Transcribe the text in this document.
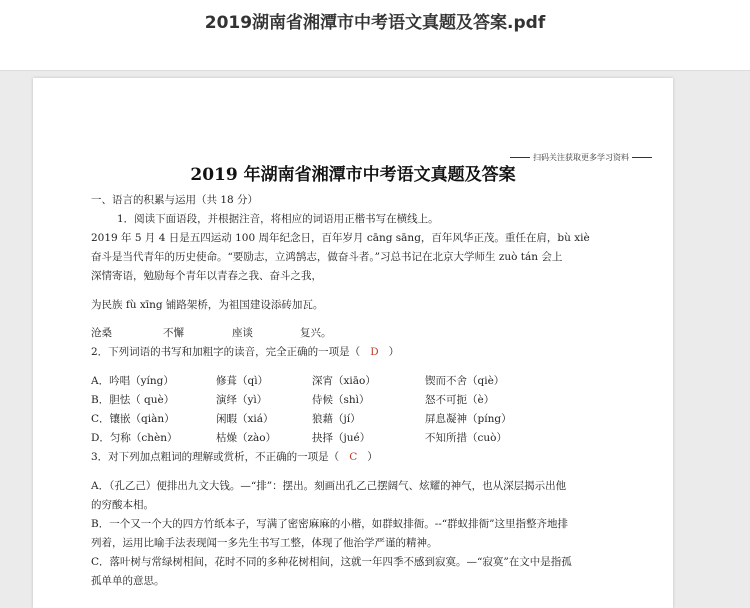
2019湖南省湘潭市中考语文真题及答案.pdf
扫码关注获取更多学习资料
2019 年湖南省湘潭市中考语文真题及答案
一、语言的积累与运用（共 18 分）
1．阅读下面语段，并根据注音，将相应的词语用正楷书写在横线上。
2019 年 5 月 4 日是五四运动 100 周年纪念日，百年岁月 cāng sāng，百年风华正茂。重任在肩，bù xiè
奋斗是当代青年的历史使命。“要励志，立鸿鹄志，做奋斗者。”习总书记在北京大学师生 zuò tán 会上
深情寄语，勉励每个青年以青春之我、奋斗之我，
为民族 fù xīng 铺路架桥，为祖国建设添砖加瓦。
沧桑	不懈	座谈	复兴。
2．下列词语的书写和加粗字的读音，完全正确的一项是（ D ）
A．吟唱（yíng）	修葺（qì）	深宵（xiāo）	锲而不舍（qiè）
B．胆怯（ què）	演绎（yì）	侍候（shì）	怒不可扼（è）
C．镶嵌（qiàn）	闲暇（xiá）	狼藉（jí）	屏息凝神（píng）
D．匀称（chèn）	枯燥（zào）	抉择（jué）	不知所措（cuò）
3．对下列加点粗词的理解或赏析，不正确的一项是（ C ）
A．（孔乙己）便排出九文大钱。—“排”：摆出。刻画出孔乙己摆阔气、炫耀的神气，也从深层揭示出他
的穷酸本相。
B．一个又一个大的四方竹纸本子，写满了密密麻麻的小楷，如群蚁排衙。--“群蚁排衙”这里指整齐地排
列着，运用比喻手法表现闻一多先生书写工整，体现了他治学严谨的精神。
C．落叶树与常绿树相间，花时不同的多种花树相间，这就一年四季不感到寂寞。—“寂寞”在文中是指孤
孤单单的意思。
